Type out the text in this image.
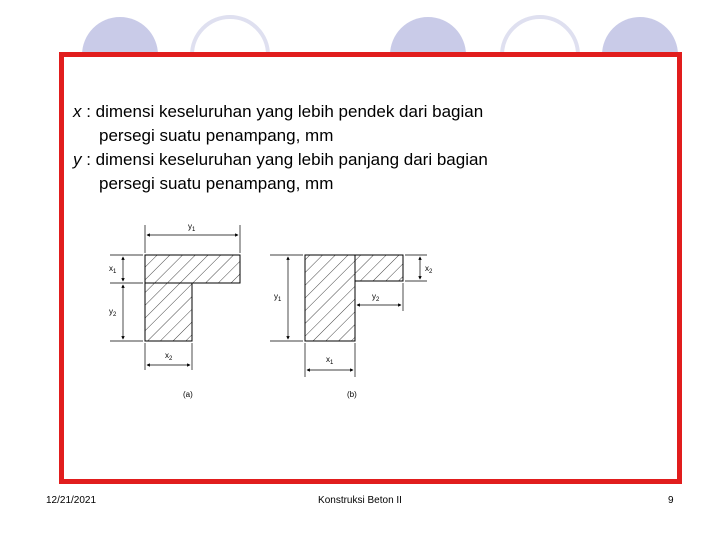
x : dimensi keseluruhan yang lebih pendek dari bagian
persegi suatu penampang, mm
y : dimensi keseluruhan yang lebih panjang dari bagian
persegi suatu penampang, mm
$y_1$
$x_1$
$y_2$
$x_2$
(a)
$y_1$
$x_2$
$y_2$
$x_1$
(b)
12/21/2021	Konstruksi Beton II	9
